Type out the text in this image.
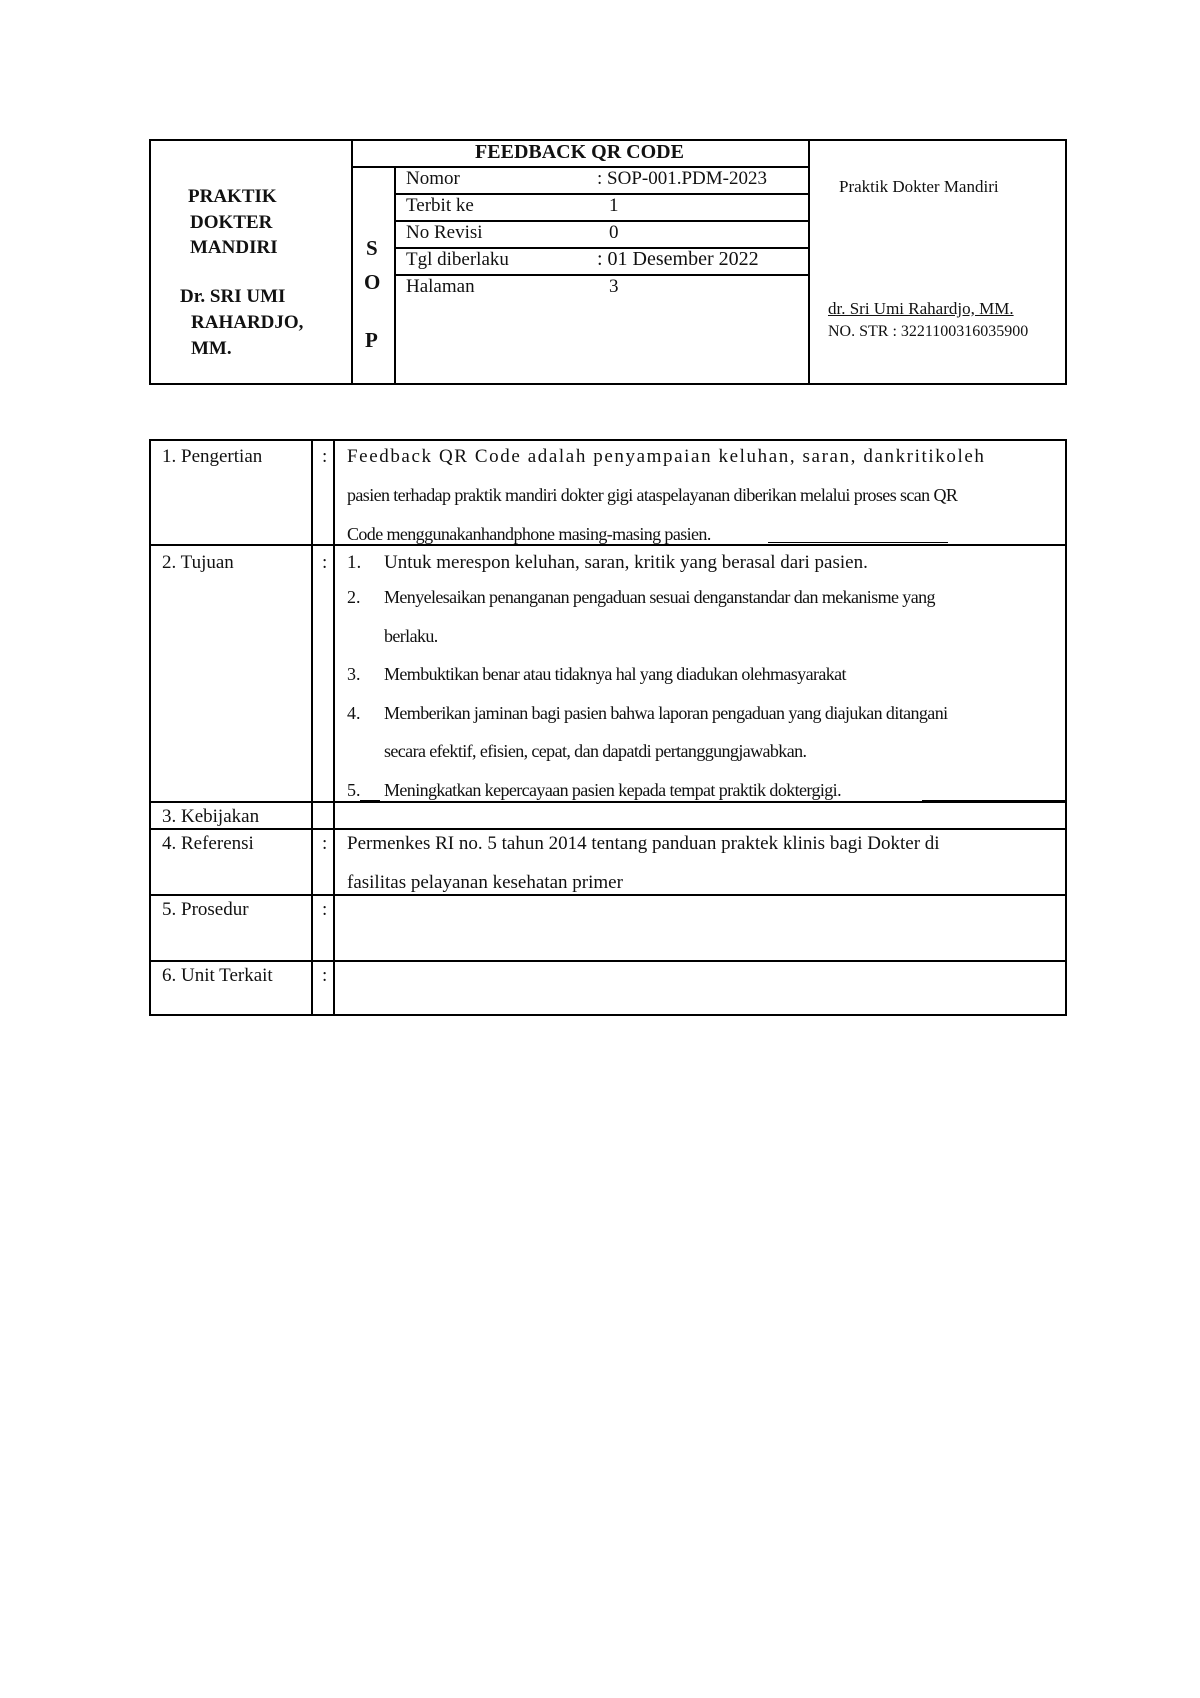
PRAKTIK
DOKTER
MANDIRI
Dr. SRI UMI
RAHARDJO,
MM.
S
O
P
FEEDBACK QR CODE
Nomor	: SOP-001.PDM-2023
Terbit ke	1
No Revisi	0
Tgl diberlaku	: 01 Desember 2022
Halaman	3
Praktik Dokter Mandiri
dr. Sri Umi Rahardjo, MM.
NO. STR : 3221100316035900
1. Pengertian	: Feedback QR Code adalah penyampaian keluhan, saran, dankritikoleh
pasien terhadap praktik mandiri dokter gigi ataspelayanan diberikan melalui proses scan QR
Code menggunakanhandphone masing-masing pasien.
2. Tujuan	: 1. Untuk merespon keluhan, saran, kritik yang berasal dari pasien.
2. Menyelesaikan penanganan pengaduan sesuai denganstandar dan mekanisme yang
berlaku.
3. Membuktikan benar atau tidaknya hal yang diadukan olehmasyarakat
4. Memberikan jaminan bagi pasien bahwa laporan pengaduan yang diajukan ditangani
secara efektif, efisien, cepat, dan dapatdi pertanggungjawabkan.
5. Meningkatkan kepercayaan pasien kepada tempat praktik doktergigi.
3. Kebijakan
4. Referensi	: Permenkes RI no. 5 tahun 2014 tentang panduan praktek klinis bagi Dokter di
fasilitas pelayanan kesehatan primer
5. Prosedur	:
6. Unit Terkait	:
